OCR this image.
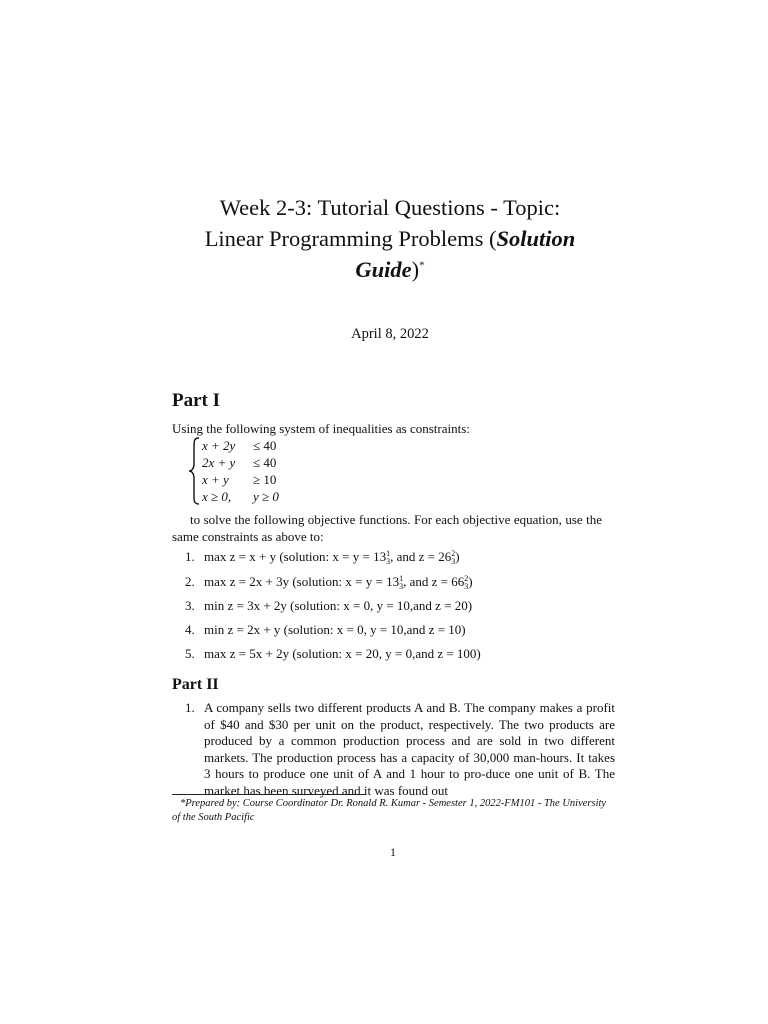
Week 2-3: Tutorial Questions - Topic:
Linear Programming Problems (Solution
Guide)*
April 8, 2022
Part I
Using the following system of inequalities as constraints:
x + 2y ≤ 40
2x + y ≤ 40
x + y ≥ 10
x ≥ 0, y ≥ 0
to solve the following objective functions. For each objective equation, use the same constraints as above to:
1. max z = x + y (solution: x = y = 13 1
3 , and z = 26 2
3 )
2. max z = 2x + 3y (solution: x = y = 13 1
3 , and z = 66 2
3 )
3. min z = 3x + 2y (solution: x = 0, y = 10,and z = 20)
4. min z = 2x + y (solution: x = 0, y = 10,and z = 10)
5. max z = 5x + 2y (solution: x = 20, y = 0,and z = 100)
Part II
1. A company sells two different products A and B. The company makes a profit of $40 and $30 per unit on the product, respectively. The two products are produced by a common production process and are sold in two different markets. The production process has a capacity of 30,000 man-hours. It takes 3 hours to produce one unit of A and 1 hour to pro-duce one unit of B. The market has been surveyed and it was found out
*Prepared by: Course Coordinator Dr. Ronald R. Kumar - Semester 1, 2022-FM101 - The University of the South Pacific
1
